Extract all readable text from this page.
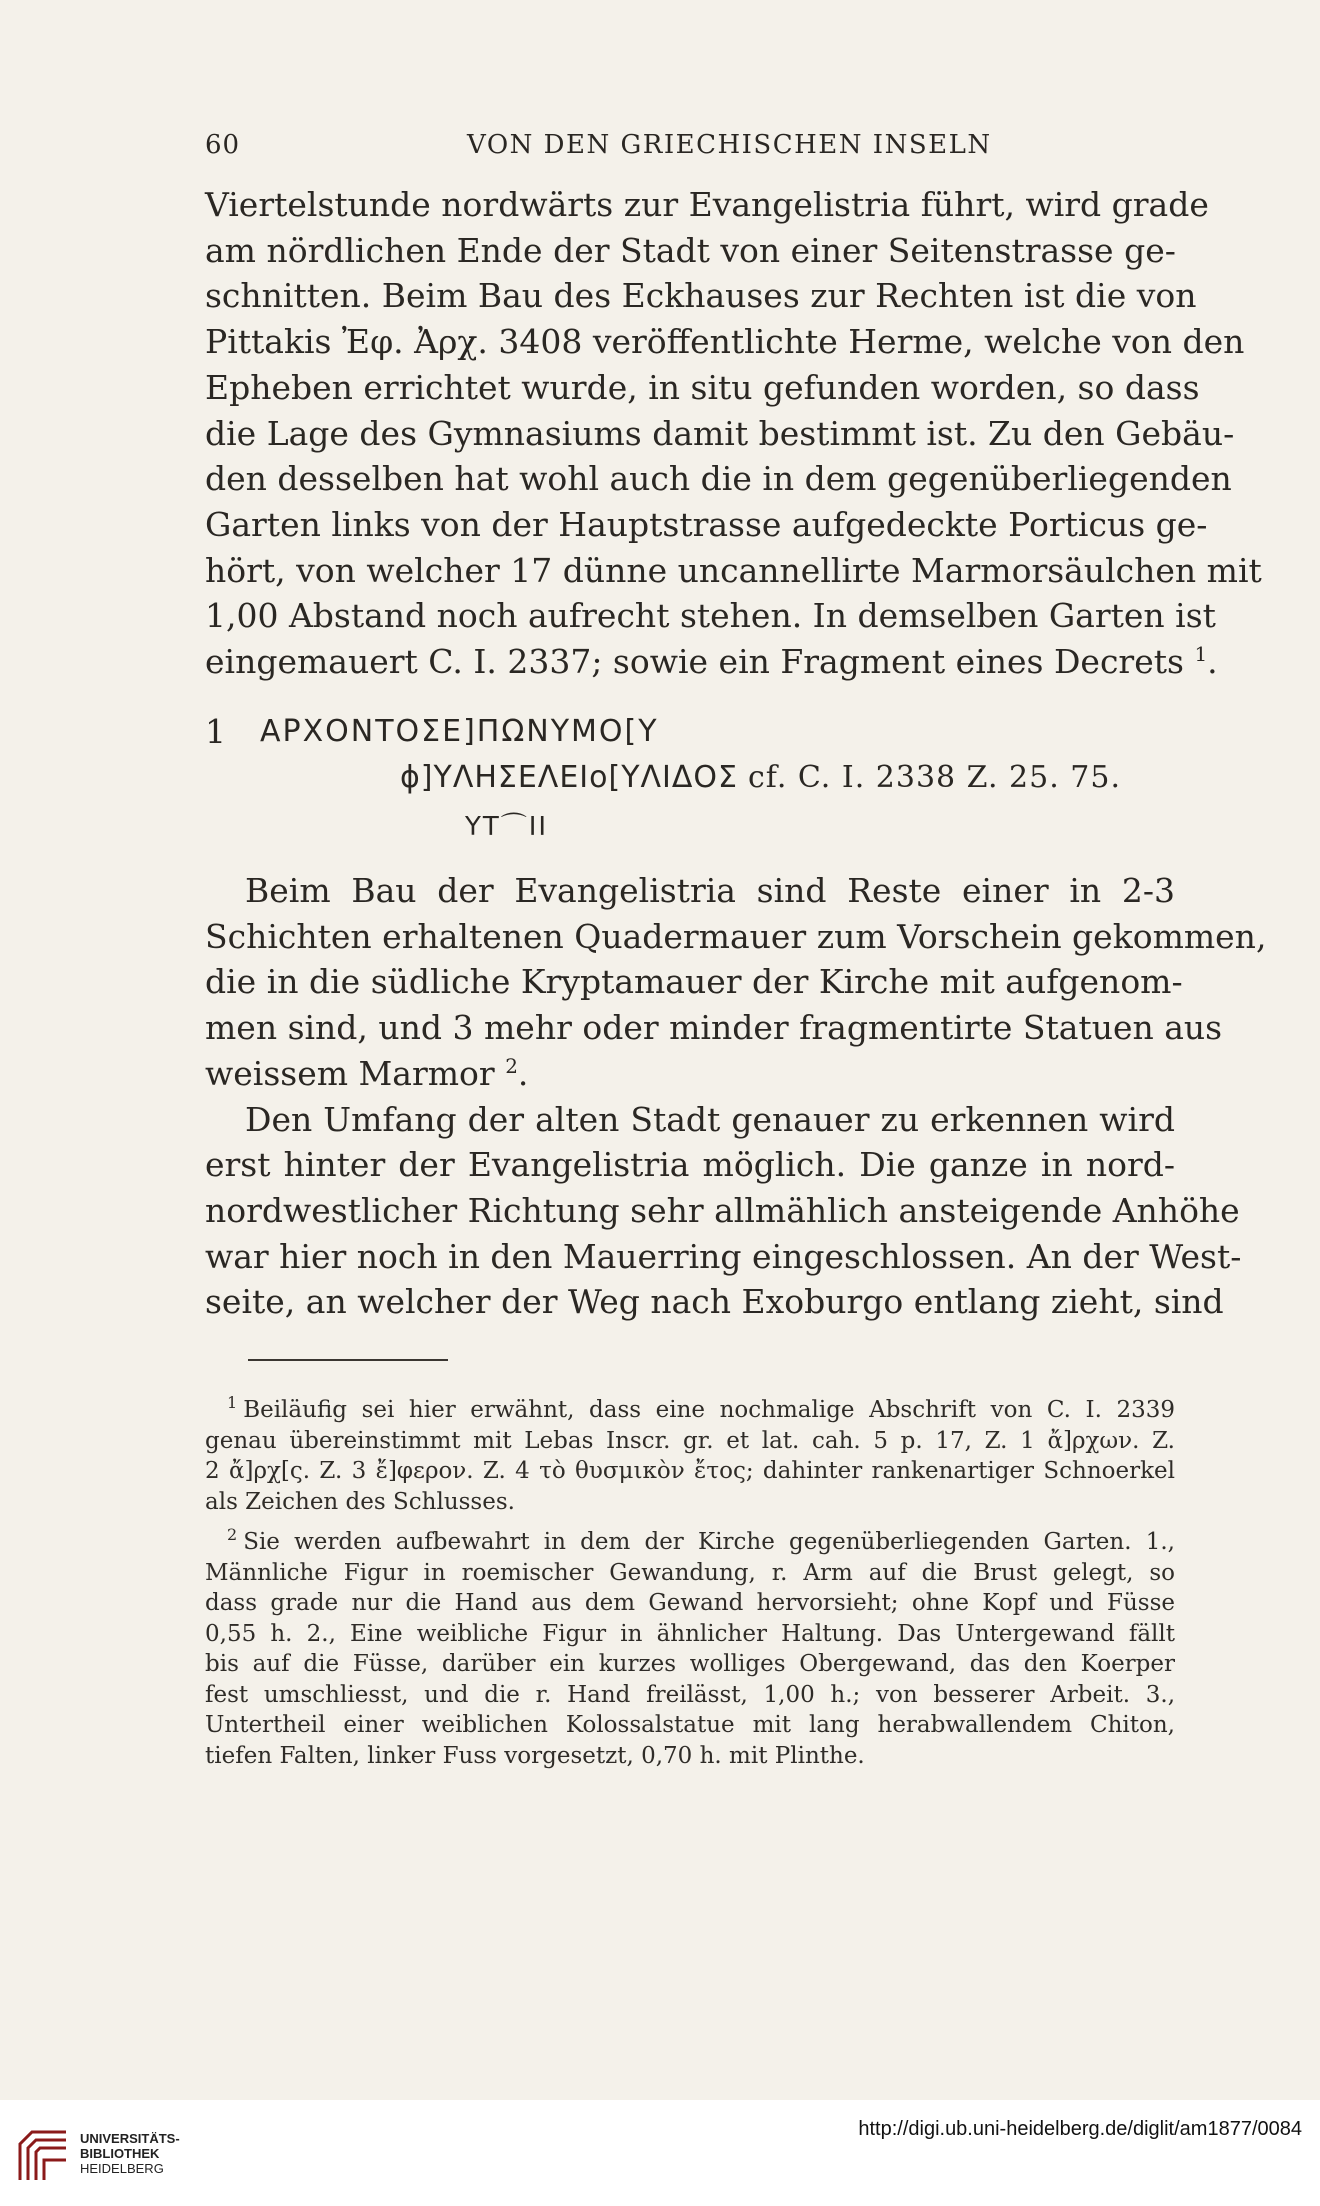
60	VON DEN GRIECHISCHEN INSELN
Viertelstunde nordwärts zur Evangelistria führt, wird grade
am nördlichen Ende der Stadt von einer Seitenstrasse ge-
schnitten. Beim Bau des Eckhauses zur Rechten ist die von
Pittakis Ἐφ. Ἀρχ. 3408 veröffentlichte Herme, welche von den
Epheben errichtet wurde, in situ gefunden worden, so dass
die Lage des Gymnasiums damit bestimmt ist. Zu den Gebäu-
den desselben hat wohl auch die in dem gegenüberliegenden
Garten links von der Hauptstrasse aufgedeckte Porticus ge-
hört, von welcher 17 dünne uncannellirte Marmorsäulchen mit
1,00 Abstand noch aufrecht stehen. In demselben Garten ist
eingemauert C. I. 2337; sowie ein Fragment eines Decrets $^1$.
1 ΑΡΧΟΝΤΟΣΕ]ΠΩΝΥΜΟ[Υ
ϕ]ΥΛΗΣΕΛΕΙο[ΥΛΙΔΟΣ cf. C. I. 2338 Z. 25. 75.
ΥΤ⌒ΙΙ
Beim Bau der Evangelistria sind Reste einer in 2-3
Schichten erhaltenen Quadermauer zum Vorschein gekommen,
die in die südliche Kryptamauer der Kirche mit aufgenom-
men sind, und 3 mehr oder minder fragmentirte Statuen aus
weissem Marmor $^2$.
Den Umfang der alten Stadt genauer zu erkennen wird
erst hinter der Evangelistria möglich. Die ganze in nord-
nordwestlicher Richtung sehr allmählich ansteigende Anhöhe
war hier noch in den Mauerring eingeschlossen. An der West-
seite, an welcher der Weg nach Exoburgo entlang zieht, sind
$^1$ Beiläufig sei hier erwähnt, dass eine nochmalige Abschrift von C. I. 2339
genau übereinstimmt mit Lebas Inscr. gr. et lat. cah. 5 p. 17, Z. 1 ἄ]ρχων. Z.
2 ἄ]ρχ[ς. Z. 3 ἔ]φερον. Z. 4 τὸ θυσμικὸν ἔτος; dahinter rankenartiger Schnoerkel
als Zeichen des Schlusses.
$^2$ Sie werden aufbewahrt in dem der Kirche gegenüberliegenden Garten. 1.,
Männliche Figur in roemischer Gewandung, r. Arm auf die Brust gelegt, so
dass grade nur die Hand aus dem Gewand hervorsieht; ohne Kopf und Füsse
0,55 h. 2., Eine weibliche Figur in ähnlicher Haltung. Das Untergewand fällt
bis auf die Füsse, darüber ein kurzes wolliges Obergewand, das den Koerper
fest umschliesst, und die r. Hand freilässt, 1,00 h.; von besserer Arbeit. 3.,
Untertheil einer weiblichen Kolossalstatue mit lang herabwallendem Chiton,
tiefen Falten, linker Fuss vorgesetzt, 0,70 h. mit Plinthe.
UNIVERSITÄTS-
BIBLIOTHEK
HEIDELBERG
http://digi.ub.uni-heidelberg.de/diglit/am1877/0084
